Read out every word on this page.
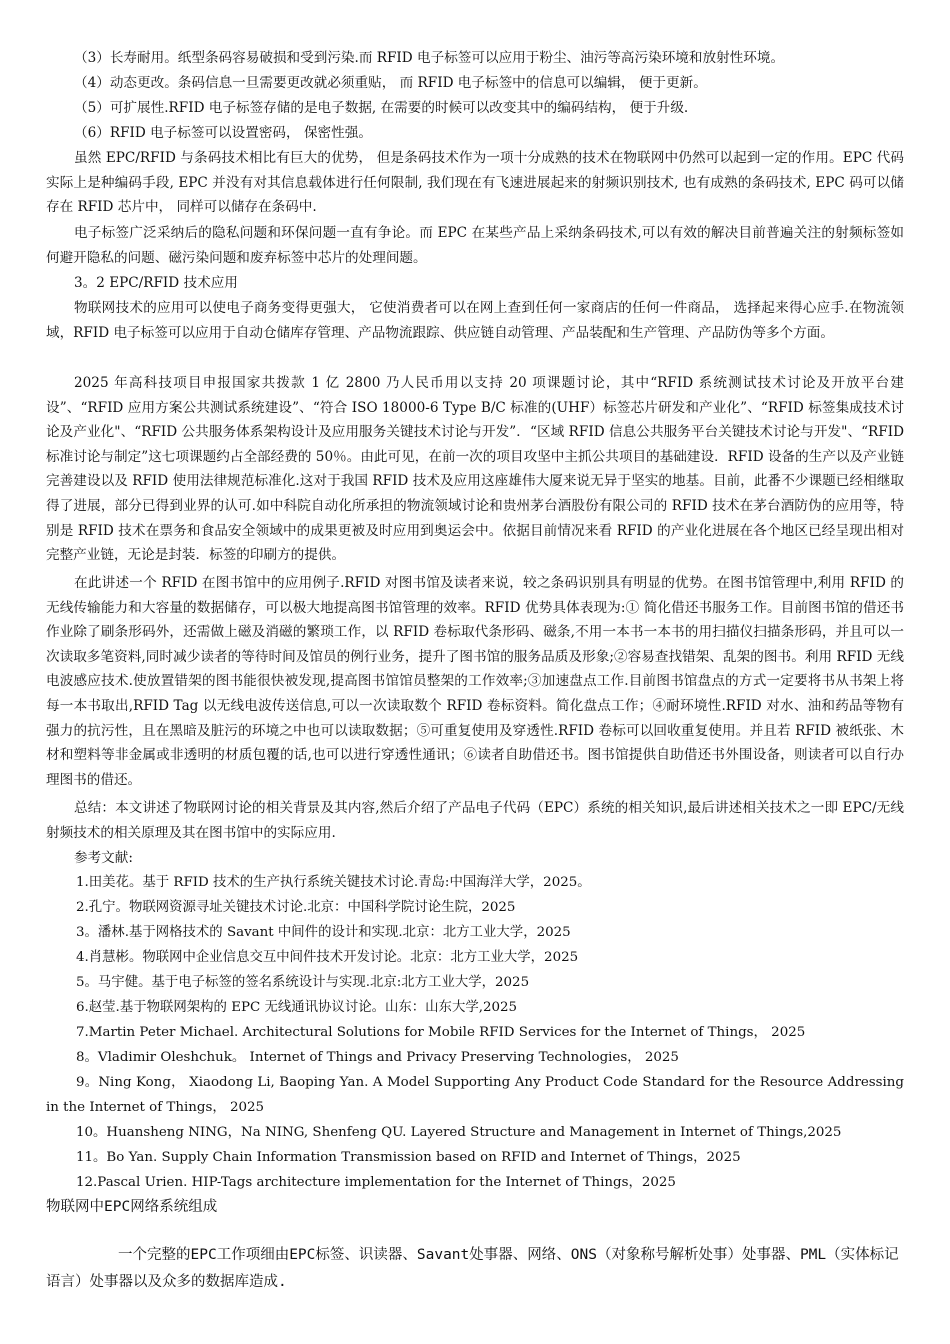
（3）长寿耐用。纸型条码容易破损和受到污染.而 RFID 电子标签可以应用于粉尘、油污等高污染环境和放射性环境。

（4）动态更改。条码信息一旦需要更改就必须重贴， 而 RFID 电子标签中的信息可以编辑， 便于更新。

（5）可扩展性.RFID 电子标签存储的是电子数据, 在需要的时候可以改变其中的编码结构， 便于升级.

（6）RFID 电子标签可以设置密码， 保密性强。

虽然 EPC/RFID 与条码技术相比有巨大的优势， 但是条码技术作为一项十分成熟的技术在物联网中仍然可以起到一定的作用。EPC 代码实际上是种编码手段, EPC 并没有对其信息载体进行任何限制, 我们现在有飞速进展起来的射频识别技术, 也有成熟的条码技术, EPC 码可以储存在 RFID 芯片中， 同样可以储存在条码中.

电子标签广泛采纳后的隐私问题和环保问题一直有争论。而 EPC 在某些产品上采纳条码技术,可以有效的解决目前普遍关注的射频标签如何避开隐私的问题、磁污染问题和废弃标签中芯片的处理间题。

3。2 EPC/RFID 技术应用

物联网技术的应用可以使电子商务变得更强大， 它使消费者可以在网上查到任何一家商店的任何一件商品， 选择起来得心应手.在物流领域，RFID 电子标签可以应用于自动仓储库存管理、产品物流跟踪、供应链自动管理、产品装配和生产管理、产品防伪等多个方面。

2025 年高科技项目申报国家共拨款 1 亿 2800 乃人民币用以支持 20 项课题讨论，其中“RFID 系统测试技术讨论及开放平台建设”、“RFID 应用方案公共测试系统建设”、“符合 ISO 18000-6 Type B/C 标准的(UHF）标签芯片研发和产业化”、“RFID 标签集成技术讨论及产业化"、“RFID 公共服务体系架构设计及应用服务关键技术讨论与开发”．“区域 RFID 信息公共服务平台关键技术讨论与开发"、“RFID 标准讨论与制定”这七项课题约占全部经费的 50％。由此可见，在前一次的项目攻坚中主抓公共项目的基础建设．RFID 设备的生产以及产业链完善建设以及 RFID 使用法律规范标准化.这对于我国 RFID 技术及应用这座雄伟大厦来说无异于坚实的地基。目前，此番不少课题已经相继取得了进展，部分已得到业界的认可.如中科院自动化所承担的物流领域讨论和贵州茅台酒股份有限公司的 RFID 技术在茅台酒防伪的应用等，特别是 RFID 技术在票务和食品安全领域中的成果更被及时应用到奥运会中。依据目前情况来看 RFID 的产业化进展在各个地区已经呈现出相对完整产业链，无论是封装．标签的印刷方的提供。

在此讲述一个 RFID 在图书馆中的应用例子.RFID 对图书馆及读者来说，较之条码识别具有明显的优势。在图书馆管理中,利用 RFID 的无线传输能力和大容量的数据储存，可以极大地提高图书馆管理的效率。RFID 优势具体表现为:① 简化借还书服务工作。目前图书馆的借还书作业除了刷条形码外，还需做上磁及消磁的繁琐工作，以 RFID 卷标取代条形码、磁条,不用一本书一本书的用扫描仪扫描条形码，并且可以一次读取多笔资料,同时减少读者的等待时间及馆员的例行业务，提升了图书馆的服务品质及形象;②容易查找错架、乱架的图书。利用 RFID 无线电波感应技术.使放置错架的图书能很快被发现,提高图书馆馆员整架的工作效率;③加速盘点工作.目前图书馆盘点的方式一定要将书从书架上将每一本书取出,RFID Tag 以无线电波传送信息,可以一次读取数个 RFID 卷标资料。简化盘点工作；④耐环境性.RFID 对水、油和药品等物有强力的抗污性，且在黑暗及脏污的环境之中也可以读取数据；⑤可重复使用及穿透性.RFID 卷标可以回收重复使用。并且若 RFID 被纸张、木材和塑料等非金属或非透明的材质包覆的话,也可以进行穿透性通讯；⑥读者自助借还书。图书馆提供自助借还书外围设备，则读者可以自行办理图书的借还。

总结：本文讲述了物联网讨论的相关背景及其内容,然后介绍了产品电子代码（EPC）系统的相关知识,最后讲述相关技术之一即 EPC/无线射频技术的相关原理及其在图书馆中的实际应用.

参考文献:

1.田美花。基于 RFID 技术的生产执行系统关键技术讨论.青岛:中国海洋大学，2025。

2.孔宁。物联网资源寻址关键技术讨论.北京：中国科学院讨论生院，2025

3。潘林.基于网格技术的 Savant 中间件的设计和实现.北京：北方工业大学，2025

4.肖慧彬。物联网中企业信息交互中间件技术开发讨论。北京：北方工业大学，2025

5。马宇健。基于电子标签的签名系统设计与实现.北京:北方工业大学，2025

6.赵莹.基于物联网架构的 EPC 无线通讯协议讨论。山东：山东大学,2025

7.Martin Peter Michael. Architectural Solutions for Mobile RFID Services for the Internet of Things， 2025

8。Vladimir Oleshchuk。 Internet of Things and Privacy Preserving Technologies， 2025

9。Ning Kong， Xiaodong Li, Baoping Yan. A Model Supporting Any Product Code Standard for the Resource Addressing in the Internet of Things， 2025

10。Huansheng NING，Na NING, Shenfeng QU. Layered Structure and Management in Internet of Things,2025

11。Bo Yan. Supply Chain Information Transmission based on RFID and Internet of Things，2025

12.Pascal Urien. HIP-Tags architecture implementation for the Internet of Things，2025

物联网中EPC网络系统组成

一个完整的EPC工作项细由EPC标签、识读器、Savant处事器、网络、ONS（对象称号解析处事）处事器、PML（实体标记语言）处事器以及众多的数据库造成.
